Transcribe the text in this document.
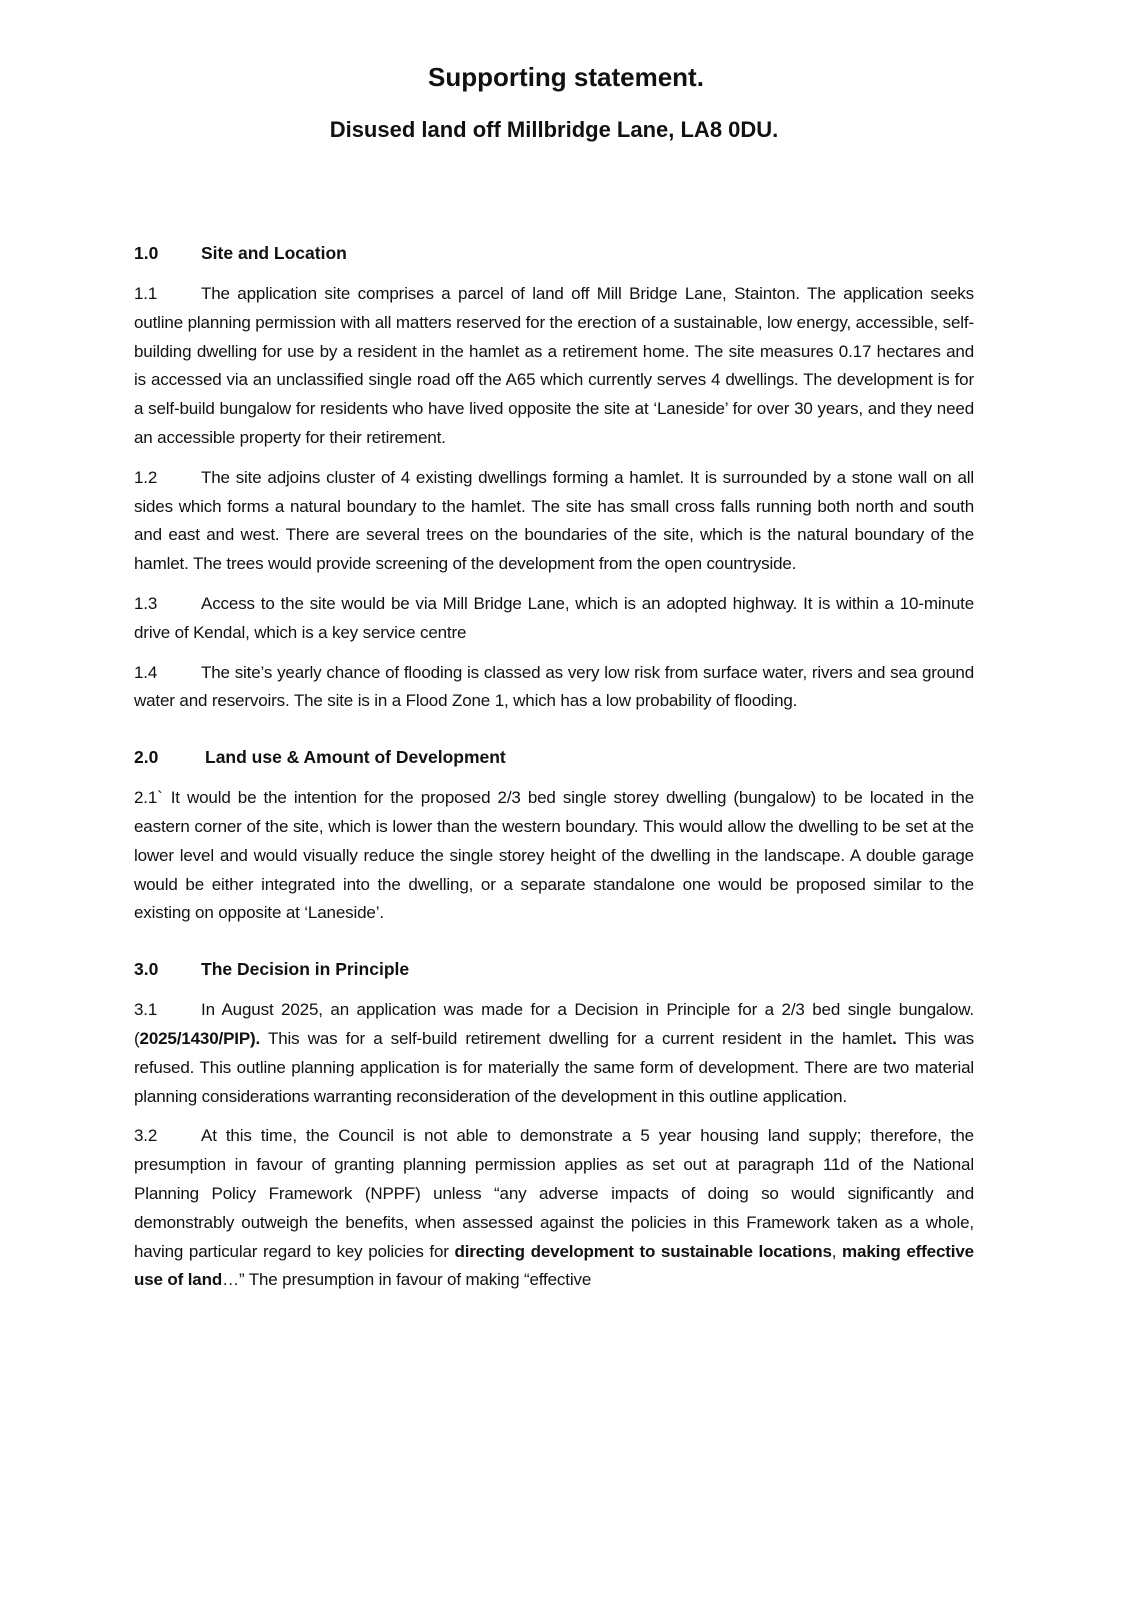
Supporting statement.
Disused land off Millbridge Lane, LA8 0DU.
1.0 Site and Location

1.1	The application site comprises a parcel of land off Mill Bridge Lane, Stainton. The application seeks outline planning permission with all matters reserved for the erection of a sustainable, low energy, accessible, self-building dwelling for use by a resident in the hamlet as a retirement home. The site measures 0.17 hectares and is accessed via an unclassified single road off the A65 which currently serves 4 dwellings. The development is for a self-build bungalow for residents who have lived opposite the site at ‘Laneside’ for over 30 years, and they need an accessible property for their retirement.

1.2	The site adjoins cluster of 4 existing dwellings forming a hamlet. It is surrounded by a stone wall on all sides which forms a natural boundary to the hamlet. The site has small cross falls running both north and south and east and west. There are several trees on the boundaries of the site, which is the natural boundary of the hamlet. The trees would provide screening of the development from the open countryside.

1.3	Access to the site would be via Mill Bridge Lane, which is an adopted highway. It is within a 10-minute drive of Kendal, which is a key service centre

1.4	The site’s yearly chance of flooding is classed as very low risk from surface water, rivers and sea ground water and reservoirs. The site is in a Flood Zone 1, which has a low probability of flooding.

2.0	Land use & Amount of Development

2.1` It would be the intention for the proposed 2/3 bed single storey dwelling (bungalow) to be located in the eastern corner of the site, which is lower than the western boundary. This would allow the dwelling to be set at the lower level and would visually reduce the single storey height of the dwelling in the landscape. A double garage would be either integrated into the dwelling, or a separate standalone one would be proposed similar to the existing on opposite at ‘Laneside’.

3.0 The Decision in Principle

3.1	In August 2025, an application was made for a Decision in Principle for a 2/3 bed single bungalow. (2025/1430/PIP). This was for a self-build retirement dwelling for a current resident in the hamlet. This was refused. This outline planning application is for materially the same form of development. There are two material planning considerations warranting reconsideration of the development in this outline application.

3.2	At this time, the Council is not able to demonstrate a 5 year housing land supply; therefore, the presumption in favour of granting planning permission applies as set out at paragraph 11d of the National Planning Policy Framework (NPPF) unless “any adverse impacts of doing so would significantly and demonstrably outweigh the benefits, when assessed against the policies in this Framework taken as a whole, having particular regard to key policies for directing development to sustainable locations, making effective use of land…” The presumption in favour of making “effective
